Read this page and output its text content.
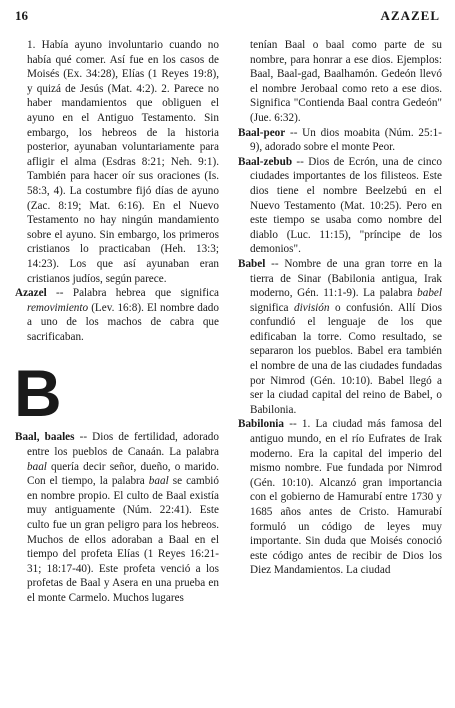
16	AZAZEL

1. Había ayuno involuntario cuando no había qué comer. Así fue en los casos de Moisés (Ex. 34:28), Elías (1 Reyes 19:8), y quizá de Jesús (Mat. 4:2). 2. Parece no haber mandamientos que obliguen el ayuno en el Antiguo Testamento. Sin embargo, los hebreos de la historia posterior, ayunaban voluntariamente para afligir el alma (Esdras 8:21; Neh. 9:1). También para hacer oír sus oraciones (Is. 58:3, 4). La costumbre fijó días de ayuno (Zac. 8:19; Mat. 6:16). En el Nuevo Testamento no hay ningún mandamiento sobre el ayuno. Sin embargo, los primeros cristianos lo practicaban (Heh. 13:3; 14:23). Los que así ayunaban eran cristianos judíos, según parece.

Azazel -- Palabra hebrea que significa removimiento (Lev. 16:8). El nombre dado a uno de los machos de cabra que sacrificaban.

B

Baal, baales -- Dios de fertilidad, adorado entre los pueblos de Canaán. La palabra baal quería decir señor, dueño, o marido. Con el tiempo, la palabra baal se cambió en nombre propio. El culto de Baal existía muy antiguamente (Núm. 22:41). Este culto fue un gran peligro para los hebreos. Muchos de ellos adoraban a Baal en el tiempo del profeta Elías (1 Reyes 16:21-31; 18:17-40). Este profeta venció a los profetas de Baal y Asera en una prueba en el monte Carmelo. Muchos lugares

tenían Baal o baal como parte de su nombre, para honrar a ese dios. Ejemplos: Baal, Baal-gad, Baalhamón. Gedeón llevó el nombre Jerobaal como reto a ese dios. Significa "Contienda Baal contra Gedeón" (Jue. 6:32).

Baal-peor -- Un dios moabita (Núm. 25:1-9), adorado sobre el monte Peor.

Baal-zebub -- Dios de Ecrón, una de cinco ciudades importantes de los filisteos. Este dios tiene el nombre Beelzebú en el Nuevo Testamento (Mat. 10:25). Pero en este tiempo se usaba como nombre del diablo (Luc. 11:15), "príncipe de los demonios".

Babel -- Nombre de una gran torre en la tierra de Sinar (Babilonia antigua, Irak moderno, Gén. 11:1-9). La palabra babel significa división o confusión. Allí Dios confundió el lenguaje de los que edificaban la torre. Como resultado, se separaron los pueblos. Babel era también el nombre de una de las ciudades fundadas por Nimrod (Gén. 10:10). Babel llegó a ser la ciudad capital del reino de Babel, o Babilonia.

Babilonia -- 1. La ciudad más famosa del antiguo mundo, en el río Eufrates de Irak moderno. Era la capital del imperio del mismo nombre. Fue fundada por Nimrod (Gén. 10:10). Alcanzó gran importancia con el gobierno de Hamurabí entre 1730 y 1685 años antes de Cristo. Hamurabí formuló un código de leyes muy importante. Sin duda que Moisés conoció este código antes de recibir de Dios los Diez Mandamientos. La ciudad
